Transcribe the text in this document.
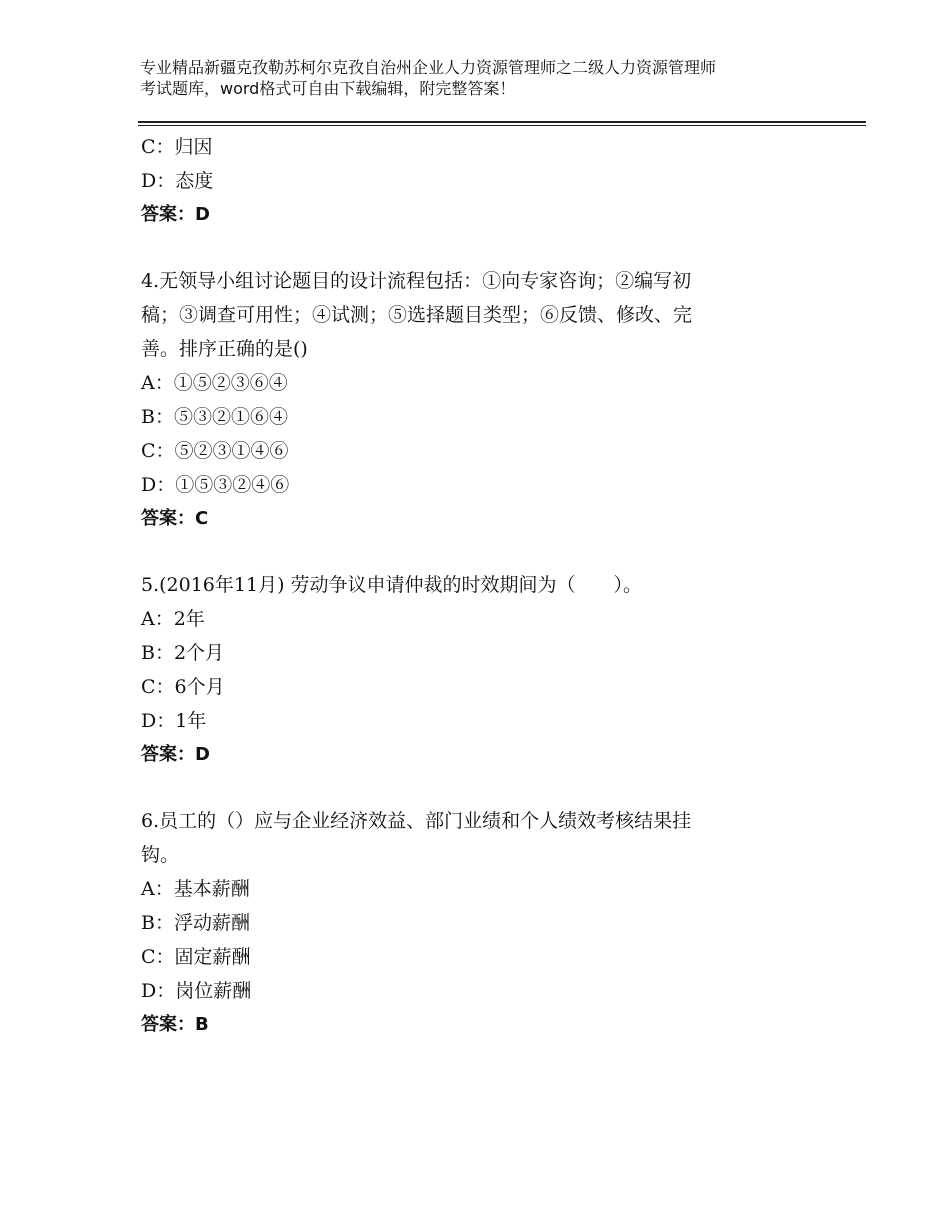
专业精品新疆克孜勒苏柯尔克孜自治州企业人力资源管理师之二级人力资源管理师
考试题库，word格式可自由下载编辑，附完整答案！
C：归因
D：态度
答案：D
4.无领导小组讨论题目的设计流程包括：①向专家咨询；②编写初
稿；③调查可用性；④试测；⑤选择题目类型；⑥反馈、修改、完
善。排序正确的是()
A：①⑤②③⑥④
B：⑤③②①⑥④
C：⑤②③①④⑥
D：①⑤③②④⑥
答案：C
5.(2016年11月) 劳动争议申请仲裁的时效期间为（　　）。
A：2年
B：2个月
C：6个月
D：1年
答案：D
6.员工的（）应与企业经济效益、部门业绩和个人绩效考核结果挂
钩。
A：基本薪酬
B：浮动薪酬
C：固定薪酬
D：岗位薪酬
答案：B
